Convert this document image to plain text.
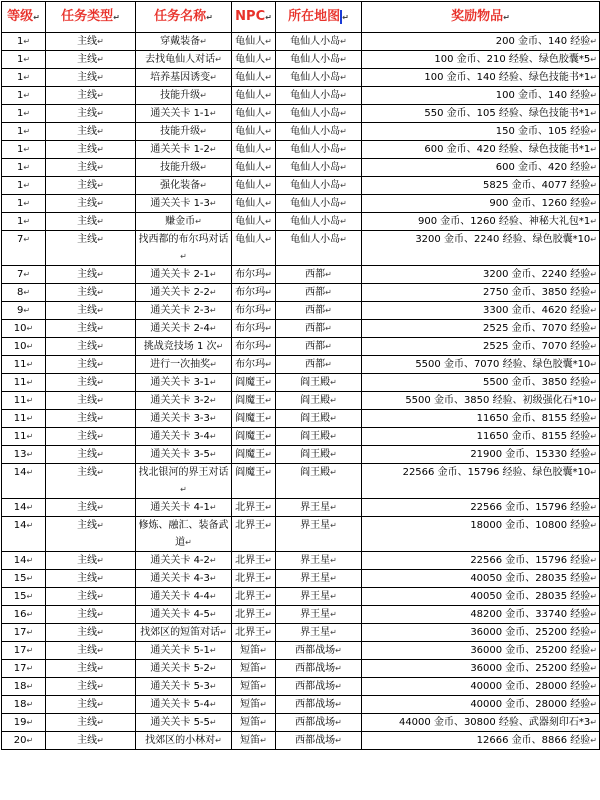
等级↵	任务类型↵	任务名称↵	NPC↵	所在地图 ↵	奖励物品↵
1↵	主线↵	穿戴装备↵	龟仙人↵	龟仙人小岛↵	200 金币、140 经验↵
1↵	主线↵	去找龟仙人对话↵	龟仙人↵	龟仙人小岛↵	100 金币、210 经验、绿色胶囊*5↵
1↵	主线↵	培养基因诱变↵	龟仙人↵	龟仙人小岛↵	100 金币、140 经验、绿色技能书*1↵
1↵	主线↵	技能升级↵	龟仙人↵	龟仙人小岛↵	100 金币、140 经验↵
1↵	主线↵	通关关卡 1-1↵	龟仙人↵	龟仙人小岛↵	550 金币、105 经验、绿色技能书*1↵
1↵	主线↵	技能升级↵	龟仙人↵	龟仙人小岛↵	150 金币、105 经验↵
1↵	主线↵	通关关卡 1-2↵	龟仙人↵	龟仙人小岛↵	600 金币、420 经验、绿色技能书*1↵
1↵	主线↵	技能升级↵	龟仙人↵	龟仙人小岛↵	600 金币、420 经验↵
1↵	主线↵	强化装备↵	龟仙人↵	龟仙人小岛↵	5825 金币、4077 经验↵
1↵	主线↵	通关关卡 1-3↵	龟仙人↵	龟仙人小岛↵	900 金币、1260 经验↵
1↵	主线↵	赚金币↵	龟仙人↵	龟仙人小岛↵	900 金币、1260 经验、神秘大礼包*1↵
7↵	主线↵	找西都的布尔玛对话↵	龟仙人↵	龟仙人小岛↵	3200 金币、2240 经验、绿色胶囊*10↵
7↵	主线↵	通关关卡 2-1↵	布尔玛↵	西都↵	3200 金币、2240 经验↵
8↵	主线↵	通关关卡 2-2↵	布尔玛↵	西都↵	2750 金币、3850 经验↵
9↵	主线↵	通关关卡 2-3↵	布尔玛↵	西都↵	3300 金币、4620 经验↵
10↵	主线↵	通关关卡 2-4↵	布尔玛↵	西都↵	2525 金币、7070 经验↵
10↵	主线↵	挑战竞技场 1 次↵	布尔玛↵	西都↵	2525 金币、7070 经验↵
11↵	主线↵	进行一次抽奖↵	布尔玛↵	西都↵	5500 金币、7070 经验、绿色胶囊*10↵
11↵	主线↵	通关关卡 3-1↵	阎魔王↵	阎王殿↵	5500 金币、3850 经验↵
11↵	主线↵	通关关卡 3-2↵	阎魔王↵	阎王殿↵	5500 金币、3850 经验、初级强化石*10↵
11↵	主线↵	通关关卡 3-3↵	阎魔王↵	阎王殿↵	11650 金币、8155 经验↵
11↵	主线↵	通关关卡 3-4↵	阎魔王↵	阎王殿↵	11650 金币、8155 经验↵
13↵	主线↵	通关关卡 3-5↵	阎魔王↵	阎王殿↵	21900 金币、15330 经验↵
14↵	主线↵	找北银河的界王对话↵	阎魔王↵	阎王殿↵	22566 金币、15796 经验、绿色胶囊*10↵
14↵	主线↵	通关关卡 4-1↵	北界王↵	界王星↵	22566 金币、15796 经验↵
14↵	主线↵	修炼、融汇、装备武道↵	北界王↵	界王星↵	18000 金币、10800 经验↵
14↵	主线↵	通关关卡 4-2↵	北界王↵	界王星↵	22566 金币、15796 经验↵
15↵	主线↵	通关关卡 4-3↵	北界王↵	界王星↵	40050 金币、28035 经验↵
15↵	主线↵	通关关卡 4-4↵	北界王↵	界王星↵	40050 金币、28035 经验↵
16↵	主线↵	通关关卡 4-5↵	北界王↵	界王星↵	48200 金币、33740 经验↵
17↵	主线↵	找郊区的短笛对话↵	北界王↵	界王星↵	36000 金币、25200 经验↵
17↵	主线↵	通关关卡 5-1↵	短笛↵	西都战场↵	36000 金币、25200 经验↵
17↵	主线↵	通关关卡 5-2↵	短笛↵	西都战场↵	36000 金币、25200 经验↵
18↵	主线↵	通关关卡 5-3↵	短笛↵	西都战场↵	40000 金币、28000 经验↵
18↵	主线↵	通关关卡 5-4↵	短笛↵	西都战场↵	40000 金币、28000 经验↵
19↵	主线↵	通关关卡 5-5↵	短笛↵	西都战场↵	44000 金币、30800 经验、武器刻印石*3↵
20↵	主线↵	找郊区的小林对↵	短笛↵	西都战场↵	12666 金币、8866 经验↵
